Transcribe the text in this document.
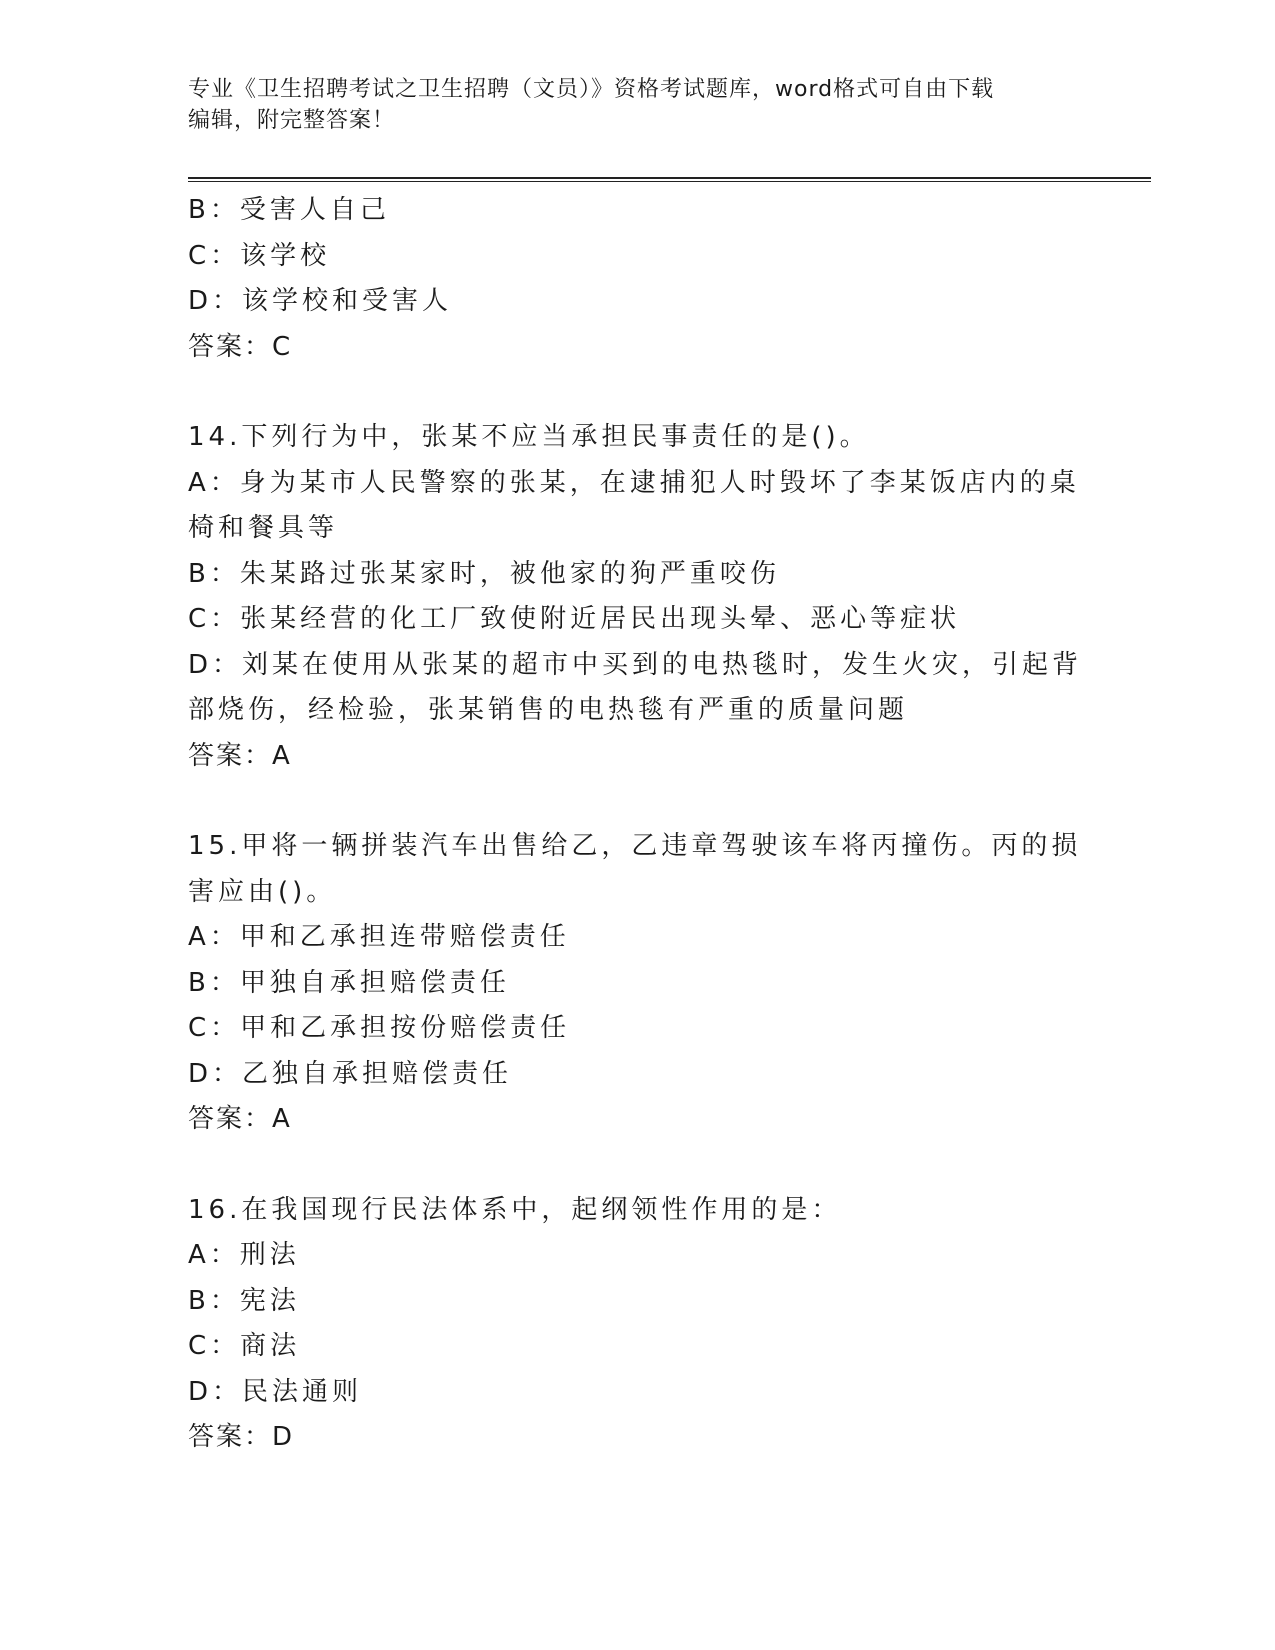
专业《卫生招聘考试之卫生招聘（文员）》资格考试题库，word格式可自由下载
编辑，附完整答案！
B：受害人自己
C：该学校
D：该学校和受害人
答案：C
14.下列行为中，张某不应当承担民事责任的是()。
A：身为某市人民警察的张某，在逮捕犯人时毁坏了李某饭店内的桌椅和餐具等
B：朱某路过张某家时，被他家的狗严重咬伤
C：张某经营的化工厂致使附近居民出现头晕、恶心等症状
D：刘某在使用从张某的超市中买到的电热毯时，发生火灾，引起背部烧伤，经检验，张某销售的电热毯有严重的质量问题
答案：A
15.甲将一辆拼装汽车出售给乙，乙违章驾驶该车将丙撞伤。丙的损害应由()。
A：甲和乙承担连带赔偿责任
B：甲独自承担赔偿责任
C：甲和乙承担按份赔偿责任
D：乙独自承担赔偿责任
答案：A
16.在我国现行民法体系中，起纲领性作用的是：
A：刑法
B：宪法
C：商法
D：民法通则
答案：D
